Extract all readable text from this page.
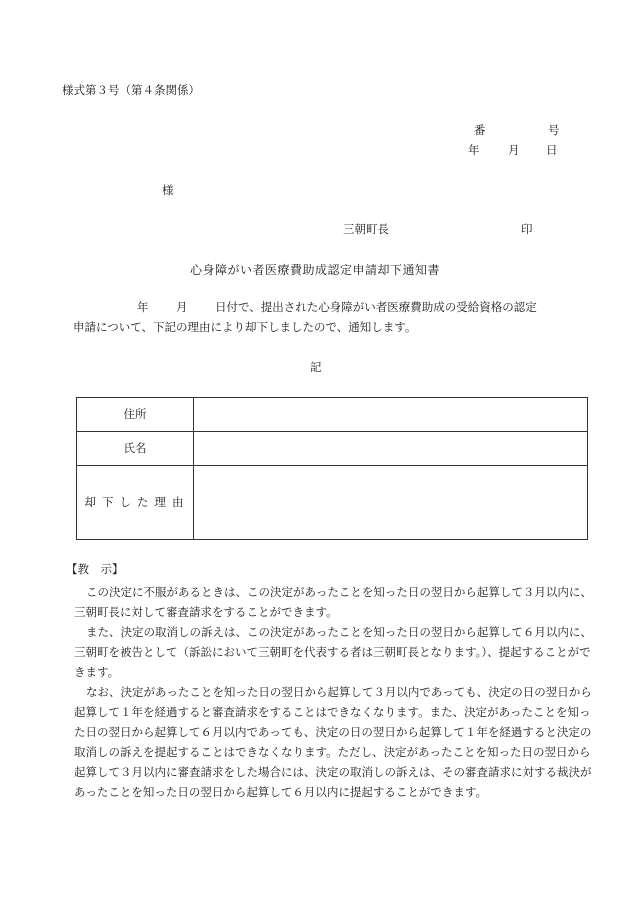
様式第３号（第４条関係）
番	号
年 月 日
様
三朝町長	印
心身障がい者医療費助成認定申請却下通知書
年 月 日付で、提出された心身障がい者医療費助成の受給資格の認定
申請について、下記の理由により却下しましたので、通知します。
記
住所	
氏名	
却下した理由	
【教　示】

この決定に不服があるときは、この決定があったことを知った日の翌日から起算して３月以内に、三朝町長に対して審査請求をすることができます。

また、決定の取消しの訴えは、この決定があったことを知った日の翌日から起算して６月以内に、三朝町を被告として（訴訟において三朝町を代表する者は三朝町長となります。）、提起することができます。

なお、決定があったことを知った日の翌日から起算して３月以内であっても、決定の日の翌日から起算して１年を経過すると審査請求をすることはできなくなります。また、決定があったことを知った日の翌日から起算して６月以内であっても、決定の日の翌日から起算して１年を経過すると決定の取消しの訴えを提起することはできなくなります。ただし、決定があったことを知った日の翌日から起算して３月以内に審査請求をした場合には、決定の取消しの訴えは、その審査請求に対する裁決があったことを知った日の翌日から起算して６月以内に提起することができます。
